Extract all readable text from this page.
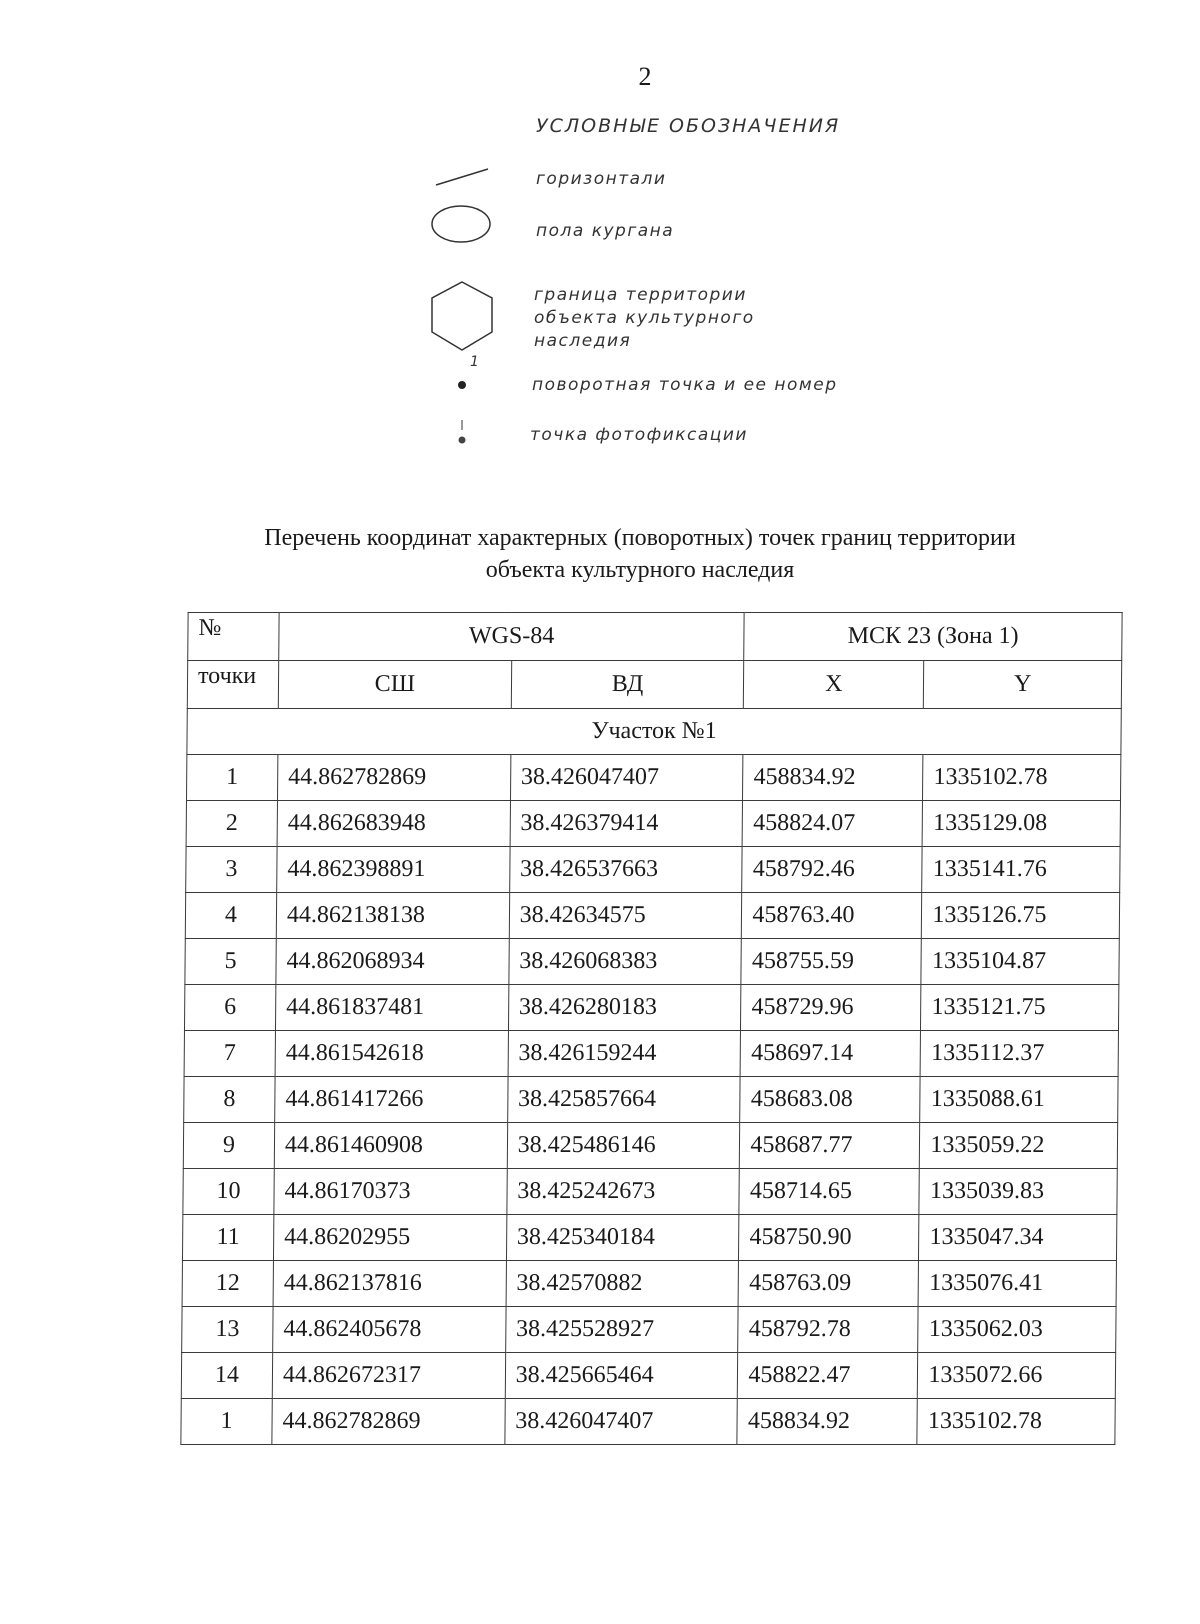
2
УСЛОВНЫЕ ОБОЗНАЧЕНИЯ
горизонтали
пола кургана
граница территории
объекта культурного
наследия
1
поворотная точка и ее номер
точка фотофиксации
Перечень координат характерных (поворотных) точек границ территории
объекта культурного наследия
№	WGS-84		МСК 23 (Зона 1)	
точки	СШ	ВД	X	Y
Участок №1				
1	44.862782869	38.426047407	458834.92	1335102.78
2	44.862683948	38.426379414	458824.07	1335129.08
3	44.862398891	38.426537663	458792.46	1335141.76
4	44.862138138	38.42634575	458763.40	1335126.75
5	44.862068934	38.426068383	458755.59	1335104.87
6	44.861837481	38.426280183	458729.96	1335121.75
7	44.861542618	38.426159244	458697.14	1335112.37
8	44.861417266	38.425857664	458683.08	1335088.61
9	44.861460908	38.425486146	458687.77	1335059.22
10	44.86170373	38.425242673	458714.65	1335039.83
11	44.86202955	38.425340184	458750.90	1335047.34
12	44.862137816	38.42570882	458763.09	1335076.41
13	44.862405678	38.425528927	458792.78	1335062.03
14	44.862672317	38.425665464	458822.47	1335072.66
1	44.862782869	38.426047407	458834.92	1335102.78
